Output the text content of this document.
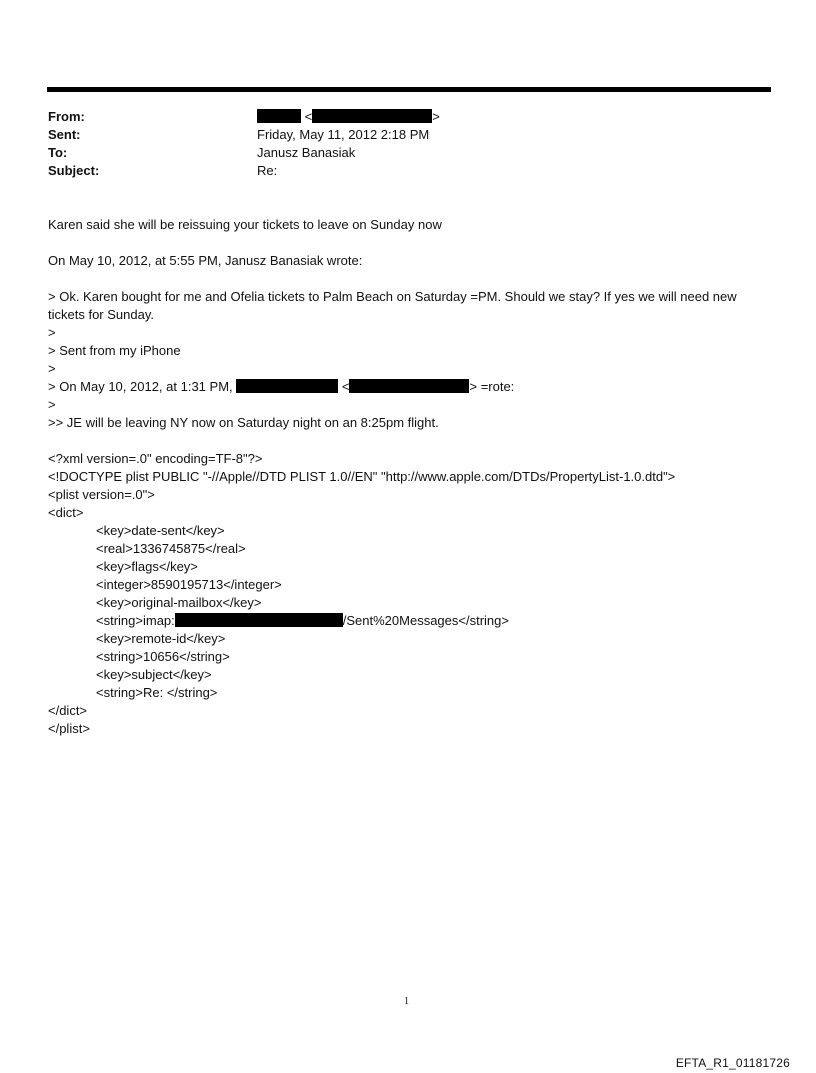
From:	<	>
Sent:	Friday, May 11, 2012 2:18 PM
To:	Janusz Banasiak
Subject:	Re:
Karen said she will be reissuing your tickets to leave on Sunday now
On May 10, 2012, at 5:55 PM, Janusz Banasiak wrote:
> Ok. Karen bought for me and Ofelia tickets to Palm Beach on Saturday =PM. Should we stay? If yes we will need new tickets for Sunday.
>
> Sent from my iPhone
>
> On May 10, 2012, at 1:31 PM,	<	> =rote:
>
>> JE will be leaving NY now on Saturday night on an 8:25pm flight.
<?xml version=.0" encoding=TF-8"?>
<!DOCTYPE plist PUBLIC "-//Apple//DTD PLIST 1.0//EN" "http://www.apple.com/DTDs/PropertyList-1.0.dtd">
<plist version=.0">
<dict>
<key>date-sent</key>
<real>1336745875</real>
<key>flags</key>
<integer>8590195713</integer>
<key>original-mailbox</key>
<string>imap:	/Sent%20Messages</string>
<key>remote-id</key>
<string>10656</string>
<key>subject</key>
<string>Re: </string>
</dict>
</plist>
1
EFTA_R1_01181726
